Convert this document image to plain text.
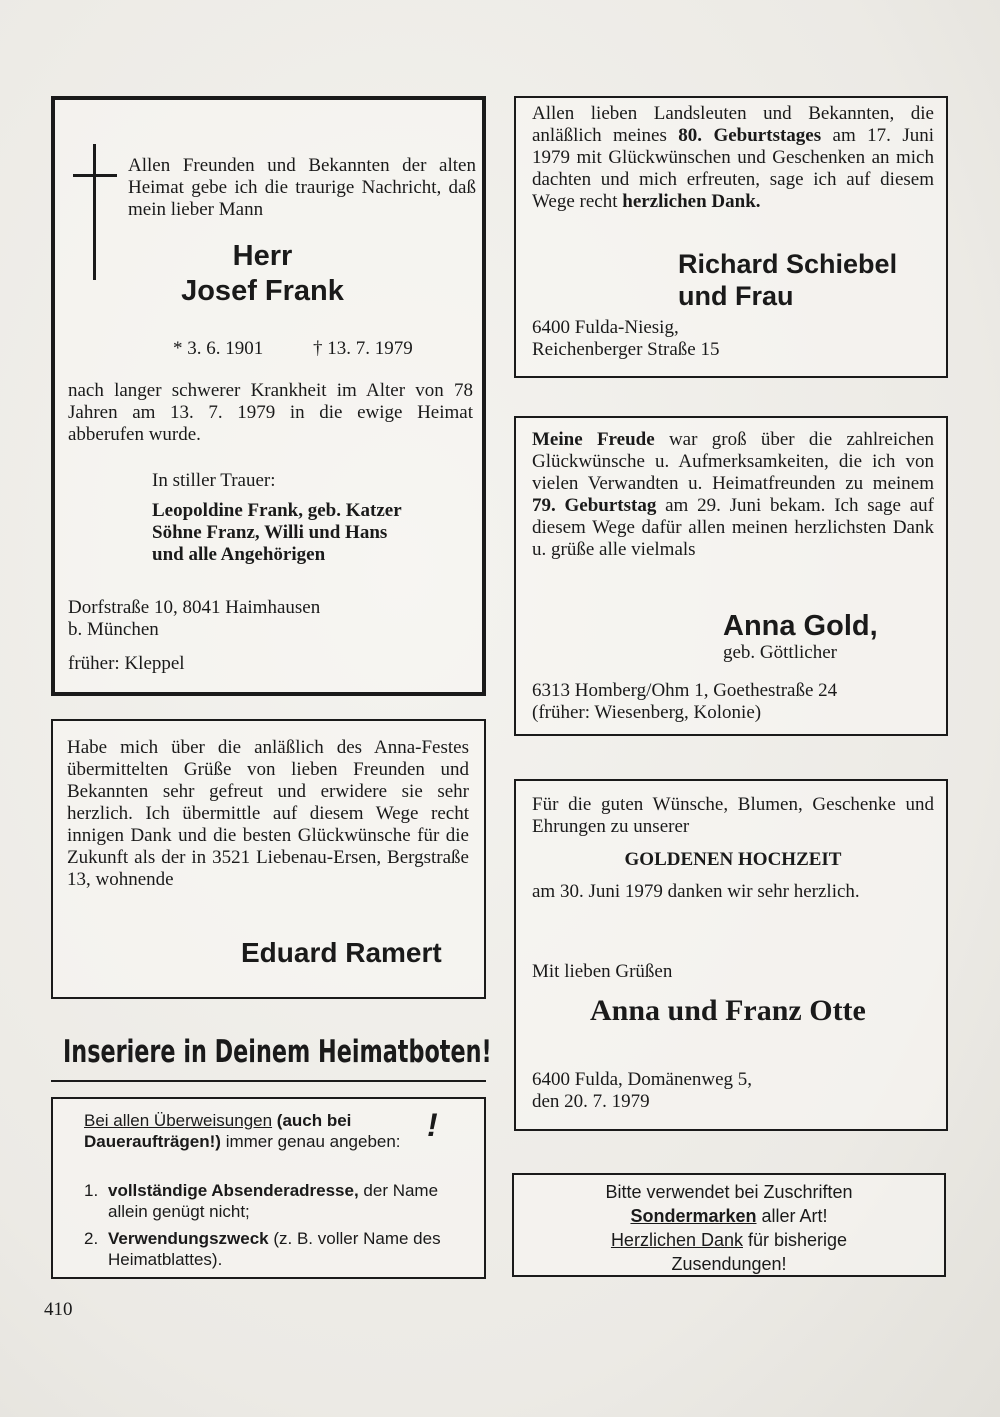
Allen Freunden und Bekannten der alten Heimat gebe ich die traurige Nachricht, daß mein lieber Mann
Herr
Josef Frank
* 3. 6. 1901	† 13. 7. 1979
nach langer schwerer Krankheit im Alter von 78 Jahren am 13. 7. 1979 in die ewige Heimat abberufen wurde.
In stiller Trauer:
Leopoldine Frank, geb. Katzer
Söhne Franz, Willi und Hans
und alle Angehörigen
Dorfstraße 10, 8041 Haimhausen
b. München
früher: Kleppel
Allen lieben Landsleuten und Bekannten, die anläßlich meines 80. Geburtstages am 17. Juni 1979 mit Glückwünschen und Geschenken an mich dachten und mich erfreuten, sage ich auf diesem Wege recht herzlichen Dank.
Richard Schiebel
und Frau
6400 Fulda-Niesig,
Reichenberger Straße 15
Meine Freude war groß über die zahlreichen Glückwünsche u. Aufmerksamkeiten, die ich von vielen Verwandten u. Heimatfreunden zu meinem 79. Geburtstag am 29. Juni bekam. Ich sage auf diesem Wege dafür allen meinen herzlichsten Dank u. grüße alle vielmals
Anna Gold,
geb. Göttlicher
6313 Homberg/Ohm 1, Goethestraße 24
(früher: Wiesenberg, Kolonie)
Habe mich über die anläßlich des Anna-Festes übermittelten Grüße von lieben Freunden und Bekannten sehr gefreut und erwidere sie sehr herzlich. Ich übermittle auf diesem Wege recht innigen Dank und die besten Glückwünsche für die Zukunft als der in 3521 Liebenau-Ersen, Bergstraße 13, wohnende
Eduard Ramert
Für die guten Wünsche, Blumen, Geschenke und Ehrungen zu unserer
GOLDENEN HOCHZEIT
am 30. Juni 1979 danken wir sehr herzlich.
Mit lieben Grüßen
Anna und Franz Otte
6400 Fulda, Domänenweg 5,
den 20. 7. 1979
Inseriere in Deinem Heimatboten!
Bei allen Überweisungen (auch bei Daueraufträgen!) immer genau angeben: !
1. vollständige Absenderadresse, der Name allein genügt nicht;
2. Verwendungszweck (z. B. voller Name des Heimatblattes).
Bitte verwendet bei Zuschriften
Sondermarken aller Art!
Herzlichen Dank für bisherige
Zusendungen!
410
